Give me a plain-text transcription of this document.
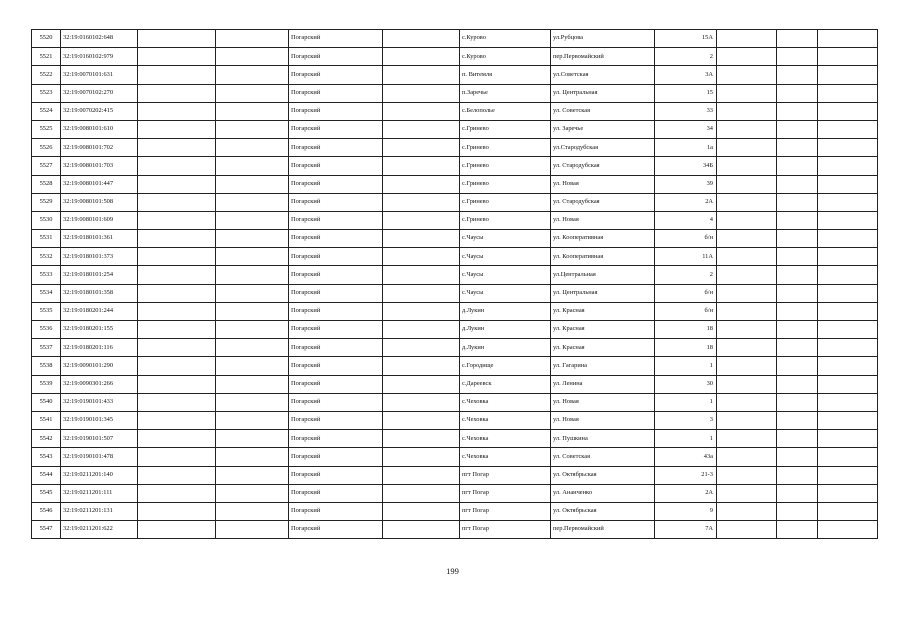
5520	32:19:0160102:648			Погарский		с.Курово	ул.Рубцова	15А			
5521	32:19:0160102:979			Погарский		с.Курово	пер.Первомайский	2			
5522	32:19:0070101:631			Погарский		п. Витемля	ул.Советская	3А			
5523	32:19:0070102:270			Погарский		п.Заречье	ул. Центральная	15			
5524	32:19:0070202:415			Погарский		с.Белополье	ул. Советская	33			
5525	32:19:0080101:610			Погарский		с.Гринево	ул. Заречье	34			
5526	32:19:0080101:702			Погарский		с.Гринево	ул.Стародубская	1а			
5527	32:19:0080101:703			Погарский		с.Гринево	ул. Стародубская	34Б			
5528	32:19:0080101:447			Погарский		с.Гринево	ул. Новая	39			
5529	32:19:0080101:508			Погарский		с.Гринево	ул. Стародубская	2А			
5530	32:19:0080101:609			Погарский		с.Гринево	ул. Новая	4			
5531	32:19:0180101:361			Погарский		с.Чаусы	ул. Кооперативная	б/н			
5532	32:19:0180101:373			Погарский		с.Чаусы	ул. Кооперативная	11А			
5533	32:19:0180101:254			Погарский		с.Чаусы	ул.Центральная	2			
5534	32:19:0180101:358			Погарский		с.Чаусы	ул. Центральная	б/н			
5535	32:19:0180201:244			Погарский		д.Лукин	ул. Красная	б/н			
5536	32:19:0180201:155			Погарский		д.Лукин	ул. Красная	18			
5537	32:19:0180201:116			Погарский		д.Лукин	ул. Красная	18			
5538	32:19:0090101:290			Погарский		с.Городище	ул. Гагарина	1			
5539	32:19:0090301:266			Погарский		с.Дареевск	ул. Ленина	30			
5540	32:19:0190101:433			Погарский		с.Чеховка	ул. Новая	1			
5541	32:19:0190101:345			Погарский		с.Чеховка	ул. Новая	3			
5542	32:19:0190101:507			Погарский		с.Чеховка	ул. Пушкина	1			
5543	32:19:0190101:478			Погарский		с.Чеховка	ул. Советская	43а			
5544	32:19:0211201:140			Погарский		пгт Погар	ул. Октябрьская	21-3			
5545	32:19:0211201:111			Погарский		пгт Погар	ул. Ананченко	2А			
5546	32:19:0211201:131			Погарский		пгт Погар	ул. Октябрьская	9			
5547	32:19:0211201:622			Погарский		пгт Погар	пер.Первомайский	7А			
199
